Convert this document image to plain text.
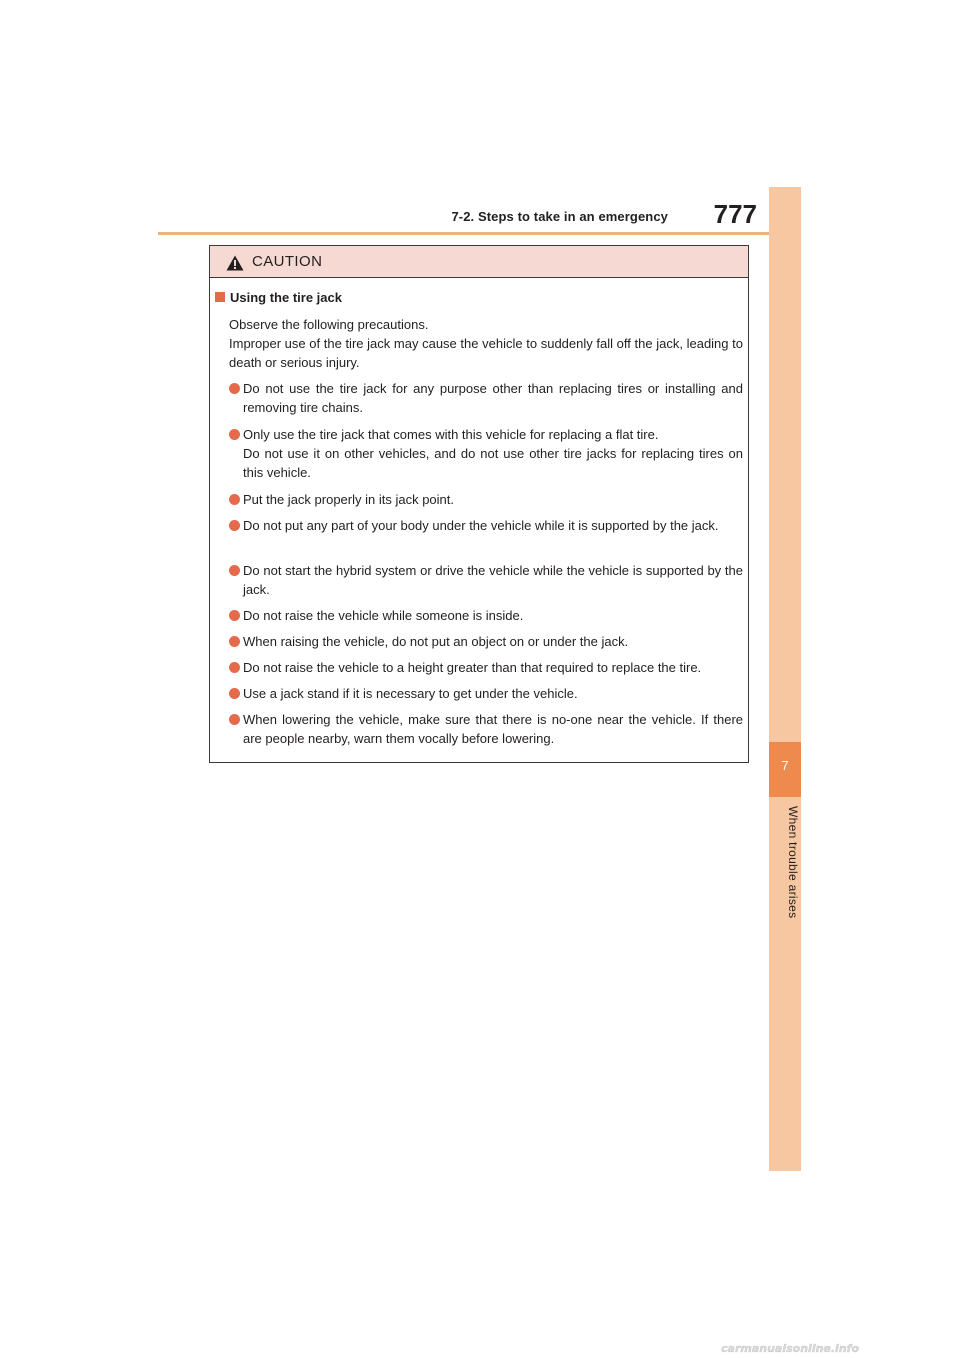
7-2. Steps to take in an emergency 777
7
When trouble arises
CAUTION
Using the tire jack
Observe the following precautions.
Improper use of the tire jack may cause the vehicle to suddenly fall off the jack, leading to death or serious injury.
Do not use the tire jack for any purpose other than replacing tires or installing and removing tire chains.
Only use the tire jack that comes with this vehicle for replacing a flat tire.
Do not use it on other vehicles, and do not use other tire jacks for replacing tires on this vehicle.
Put the jack properly in its jack point.
Do not put any part of your body under the vehicle while it is supported by the jack.
Do not start the hybrid system or drive the vehicle while the vehicle is supported by the jack.
Do not raise the vehicle while someone is inside.
When raising the vehicle, do not put an object on or under the jack.
Do not raise the vehicle to a height greater than that required to replace the tire.
Use a jack stand if it is necessary to get under the vehicle.
When lowering the vehicle, make sure that there is no-one near the vehicle. If there are people nearby, warn them vocally before lowering.
carmanualsonline.info
